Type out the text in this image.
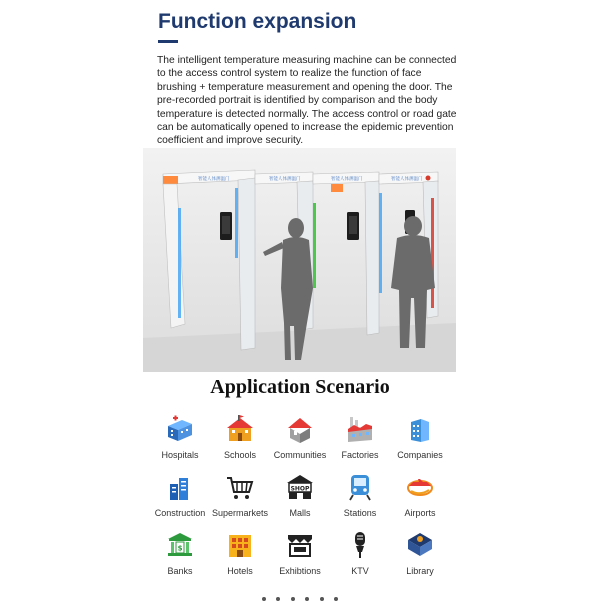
Function expansion

The intelligent temperature measuring machine can be connected to the access control system to realize the function of face brushing + temperature measurement and opening the door. The pre-recorded portrait is identified by comparison and the body temperature is detected normally. The access control or road gate can be automatically opened to increase the epidemic prevention coefficient and improve security.

智能人体测温门	智能人体测温门	智能人体测温门	智能人体测温门
Application Scenario
Hospitals	Schools Communities Factories Companies
Construction Supermarkets
SHOP
Malls	Stations	Airports
$
Banks	Hotels	Exhibtions	KTV	Library
